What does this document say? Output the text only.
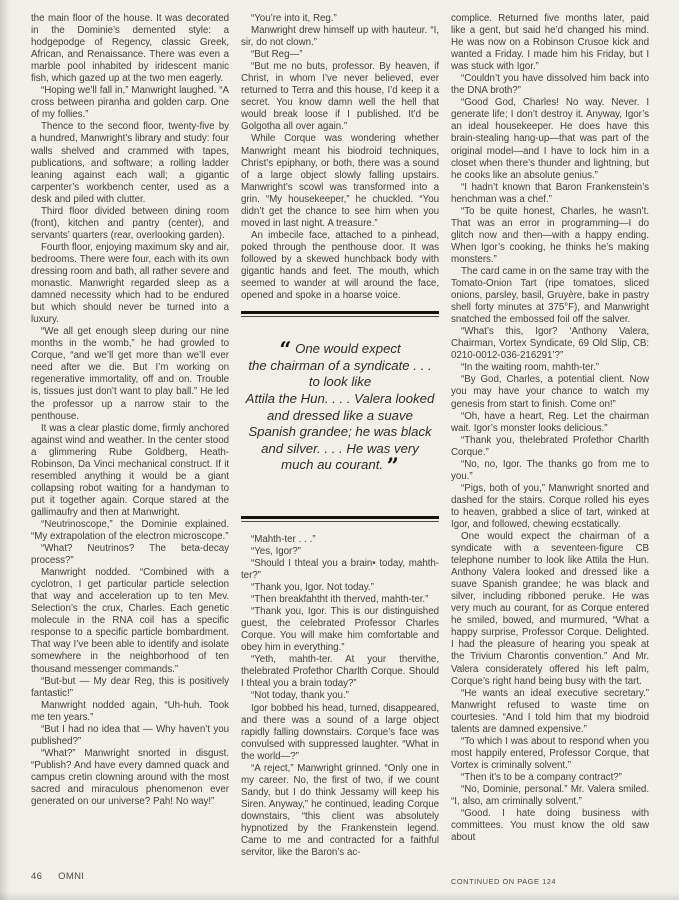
the main floor of the house. It was decorated in the Dominie’s demented style: a hodgepodge of Regency, classic Greek, African, and Renaissance. There was even a marble pool inhabited by iridescent manic fish, which gazed up at the two men eagerly.

“Hoping we’ll fall in,” Manwright laughed. “A cross between piranha and golden carp. One of my follies.”

Thence to the second floor, twenty-five by a hundred, Manwright’s library and study: four walls shelved and crammed with tapes, publications, and software; a rolling ladder leaning against each wall; a gigantic carpenter’s workbench center, used as a desk and piled with clutter.

Third floor divided between dining room (front), kitchen and pantry (center), and servants’ quarters (rear, overlooking garden).

Fourth floor, enjoying maximum sky and air, bedrooms. There were four, each with its own dressing room and bath, all rather severe and monastic. Manwright regarded sleep as a damned necessity which had to be endured but which should never be turned into a luxury.

“We all get enough sleep during our nine months in the womb,” he had growled to Corque, “and we’ll get more than we’ll ever need after we die. But I’m working on regenerative immortality, off and on. Trouble is, tissues just don’t want to play ball.” He led the professor up a narrow stair to the penthouse.

It was a clear plastic dome, firmly anchored against wind and weather. In the center stood a glimmering Rube Goldberg, Heath-Robinson, Da Vinci mechanical construct. If it resembled anything it would be a giant collapsing robot waiting for a handyman to put it together again. Corque stared at the gallimaufry and then at Manwright.

“Neutrinoscope,” the Dominie explained. “My extrapolation of the electron microscope.”

“What? Neutrinos? The beta-decay process?”

Manwright nodded. “Combined with a cyclotron, I get particular particle selection that way and acceleration up to ten Mev. Selection’s the crux, Charles. Each genetic molecule in the RNA coil has a specific response to a specific particle bombardment. That way I’ve been able to identify and isolate somewhere in the neighborhood of ten thousand messenger commands.”

“But-but — My dear Reg, this is positively fantastic!”

Manwright nodded again, “Uh-huh. Took me ten years.”

“But I had no idea that — Why haven’t you published?”

“What?” Manwright snorted in disgust. “Publish? And have every damned quack and campus cretin clowning around with the most sacred and miraculous phenomenon ever generated on our universe? Pah! No way!”

“You’re into it, Reg.”

Manwright drew himself up with hauteur. “I, sir, do not clown.”

“But Reg—”

“But me no buts, professor. By heaven, if Christ, in whom I’ve never believed, ever returned to Terra and this house, I’d keep it a secret. You know damn well the hell that would break loose if I published. It’d be Golgotha all over again.”

While Corque was wondering whether Manwright meant his biodroid techniques, Christ’s epiphany, or both, there was a sound of a large object slowly falling upstairs. Manwright’s scowl was transformed into a grin. “My housekeeper,” he chuckled. “You didn’t get the chance to see him when you moved in last night. A treasure.”

An imbecile face, attached to a pinhead, poked through the penthouse door. It was followed by a skewed hunchback body with gigantic hands and feet. The mouth, which seemed to wander at will around the face, opened and spoke in a hoarse voice.

“ One would expect
the chairman of a syndicate . . .
to look like
Attila the Hun. . . . Valera looked
and dressed like a suave
Spanish grandee; he was black
and silver. . . . He was very
much au courant. ”

“Mahth-ter . . .”

“Yes, Igor?”

“Should I thteal you a brain• today, mahth-ter?”

“Thank you, Igor. Not today.”

“Then breakfahtht ith therved, mahth-ter.”

“Thank you, Igor. This is our distinguished guest, the celebrated Professor Charles Corque. You will make him comfortable and obey him in everything.”

“Yeth, mahth-ter. At your thervithe, thelebrated Profethor Charlth Corque. Should I thteal you a brain today?”

“Not today, thank you.”

Igor bobbed his head, turned, disappeared, and there was a sound of a large object rapidly falling downstairs. Corque’s face was convulsed with suppressed laughter. “What in the world—?”

“A reject,” Manwright grinned. “Only one in my career. No, the first of two, if we count Sandy, but I do think Jessamy will keep his Siren. Anyway,” he continued, leading Corque downstairs, “this client was absolutely hypnotized by the Frankenstein legend. Came to me and contracted for a faithful servitor, like the Baron’s ac-

complice. Returned five months later, paid like a gent, but said he’d changed his mind. He was now on a Robinson Crusoe kick and wanted a Friday. I made him his Friday, but I was stuck with Igor.”

“Couldn’t you have dissolved him back into the DNA broth?”

“Good God, Charles! No way. Never. I generate life; I don’t destroy it. Anyway, Igor’s an ideal housekeeper. He does have this brain-stealing hang-up—that was part of the original model—and I have to lock him in a closet when there’s thunder and lightning, but he cooks like an absolute genius.”

“I hadn’t known that Baron Frankenstein’s henchman was a chef.”

“To be quite honest, Charles, he wasn’t. That was an error in programming—I do glitch now and then—with a happy ending. When Igor’s cooking, he thinks he’s making monsters.”

The card came in on the same tray with the Tomato-Onion Tart (ripe tomatoes, sliced onions, parsley, basil, Gruyère, bake in pastry shell forty minutes at 375°F), and Manwright snatched the embossed foil off the salver.

“What’s this, Igor? ‘Anthony Valera, Chairman, Vortex Syndicate, 69 Old Slip, CB: 0210-0012-036-216291’?”

“In the waiting room, mahth-ter.”

“By God, Charles, a potential client. Now you may have your chance to watch my genesis from start to finish. Come on!”

“Oh, have a heart, Reg. Let the chairman wait. Igor’s monster looks delicious.”

“Thank you, thelebrated Profethor Charlth Corque.”

“No, no, Igor. The thanks go from me to you.”

“Pigs, both of you,” Manwright snorted and dashed for the stairs. Corque rolled his eyes to heaven, grabbed a slice of tart, winked at Igor, and followed, chewing ecstatically.

One would expect the chairman of a syndicate with a seventeen-figure CB telephone number to look like Attila the Hun. Anthony Valera looked and dressed like a suave Spanish grandee; he was black and silver, including ribboned peruke. He was very much au courant, for as Corque entered he smiled, bowed, and murmured, “What a happy surprise, Professor Corque. Delighted. I had the pleasure of hearing you speak at the Trivium Charontis convention.” And Mr. Valera considerately offered his left palm, Corque’s right hand being busy with the tart.

“He wants an ideal executive secretary.” Manwright refused to waste time on courtesies. “And I told him that my biodroid talents are damned expensive.”

“To which I was about to respond when you most happily entered, Professor Corque, that Vortex is criminally solvent.”

“Then it’s to be a company contract?”

“No, Dominie, personal.” Mr. Valera smiled. “I, also, am criminally solvent.”

“Good. I hate doing business with committees. You must know the old saw about

46 OMNI	CONTINUED ON PAGE 124
